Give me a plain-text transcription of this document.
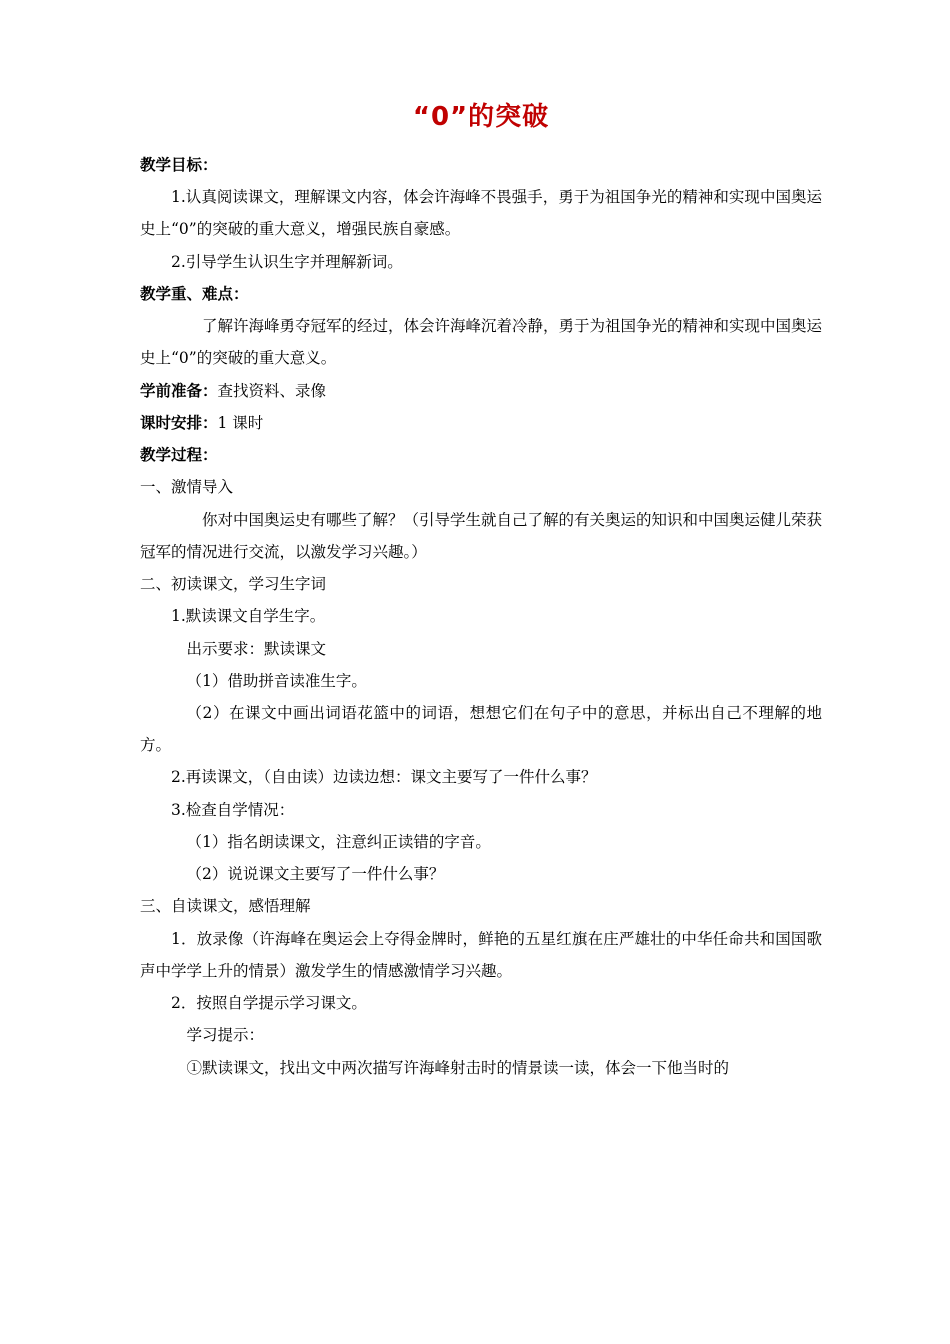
“0”的突破

教学目标：

1.认真阅读课文，理解课文内容，体会许海峰不畏强手，勇于为祖国争光的精神和实现中国奥运史上“0”的突破的重大意义，增强民族自豪感。

2.引导学生认识生字并理解新词。

教学重、难点：

了解许海峰勇夺冠军的经过，体会许海峰沉着冷静，勇于为祖国争光的精神和实现中国奥运史上“0”的突破的重大意义。

学前准备：查找资料、录像

课时安排：1 课时

教学过程：

一、激情导入

你对中国奥运史有哪些了解？（引导学生就自己了解的有关奥运的知识和中国奥运健儿荣获冠军的情况进行交流，以激发学习兴趣。）

二、初读课文，学习生字词

1.默读课文自学生字。

出示要求：默读课文

（1）借助拼音读准生字。

（2）在课文中画出词语花篮中的词语，想想它们在句子中的意思，并标出自己不理解的地方。

2.再读课文，（自由读）边读边想：课文主要写了一件什么事？

3.检查自学情况：

（1）指名朗读课文，注意纠正读错的字音。

（2）说说课文主要写了一件什么事？

三、自读课文，感悟理解

1．放录像（许海峰在奥运会上夺得金牌时，鲜艳的五星红旗在庄严雄壮的中华任命共和国国歌声中学学上升的情景）激发学生的情感激情学习兴趣。

2．按照自学提示学习课文。

学习提示：

①默读课文，找出文中两次描写许海峰射击时的情景读一读，体会一下他当时的
